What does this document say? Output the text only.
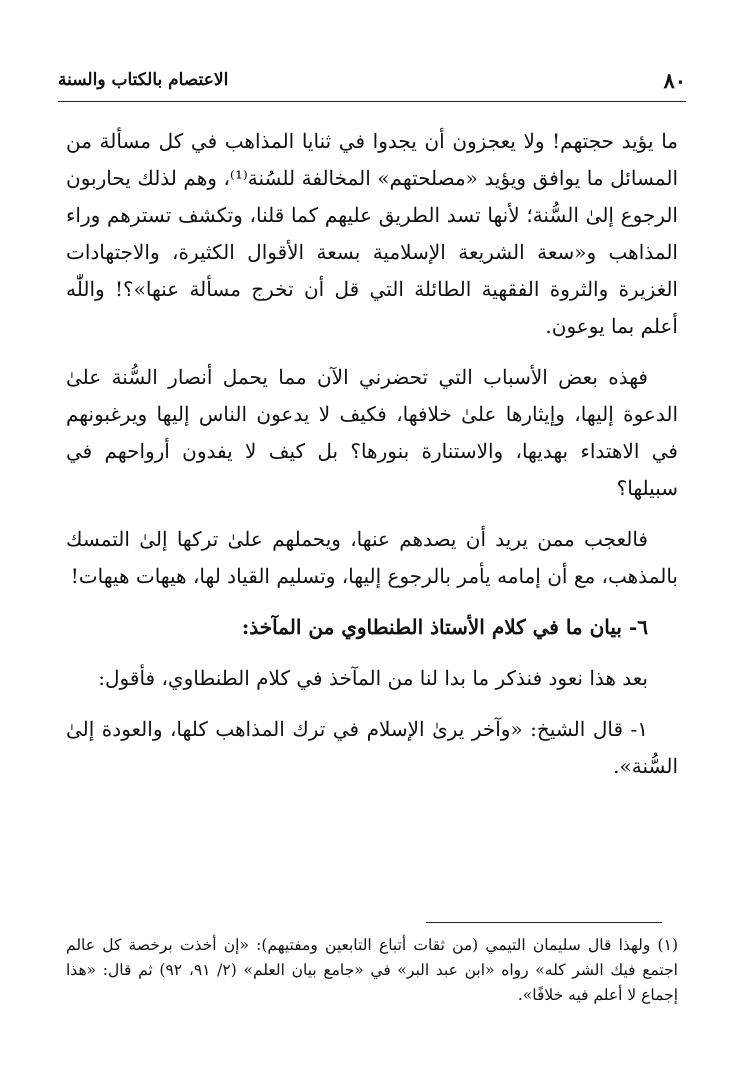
٨٠
الاعتصام بالكتاب والسنة

ما يؤيد حجتهم! ولا يعجزون أن يجدوا في ثنايا المذاهب في كل مسألة من المسائل ما يوافق ويؤيد «مصلحتهم» المخالفة للسُنة⁽¹⁾، وهم لذلك يحاربون الرجوع إلىٰ السُّنة؛ لأنها تسد الطريق عليهم كما قلنا، وتكشف تسترهم وراء المذاهب و«سعة الشريعة الإسلامية بسعة الأقوال الكثيرة، والاجتهادات الغزيرة والثروة الفقهية الطائلة التي قل أن تخرج مسألة عنها»؟! واللّٰه أعلم بما يوعون.

فهذه بعض الأسباب التي تحضرني الآن مما يحمل أنصار السُّنة علىٰ الدعوة إليها، وإيثارها علىٰ خلافها، فكيف لا يدعون الناس إليها ويرغبونهم في الاهتداء بهديها، والاستنارة بنورها؟ بل كيف لا يفدون أرواحهم في سبيلها؟

فالعجب ممن يريد أن يصدهم عنها، ويحملهم علىٰ تركها إلىٰ التمسك بالمذهب، مع أن إمامه يأمر بالرجوع إليها، وتسليم القياد لها، هيهات هيهات!

٦- بيان ما في كلام الأستاذ الطنطاوي من المآخذ:

بعد هذا نعود فنذكر ما بدا لنا من المآخذ في كلام الطنطاوي، فأقول:

١- قال الشيخ: «وآخر يرىٰ الإسلام في ترك المذاهب كلها، والعودة إلىٰ السُّنة».

(١) ولهذا قال سليمان التيمي (من ثقات أتباع التابعين ومفتيهم): «إن أخذت برخصة كل عالم اجتمع فيك الشر كله» رواه «ابن عبد البر» في «جامع بيان العلم» (٢/ ٩١، ٩٢) ثم قال: «هذا إجماع لا أعلم فيه خلافًا».
